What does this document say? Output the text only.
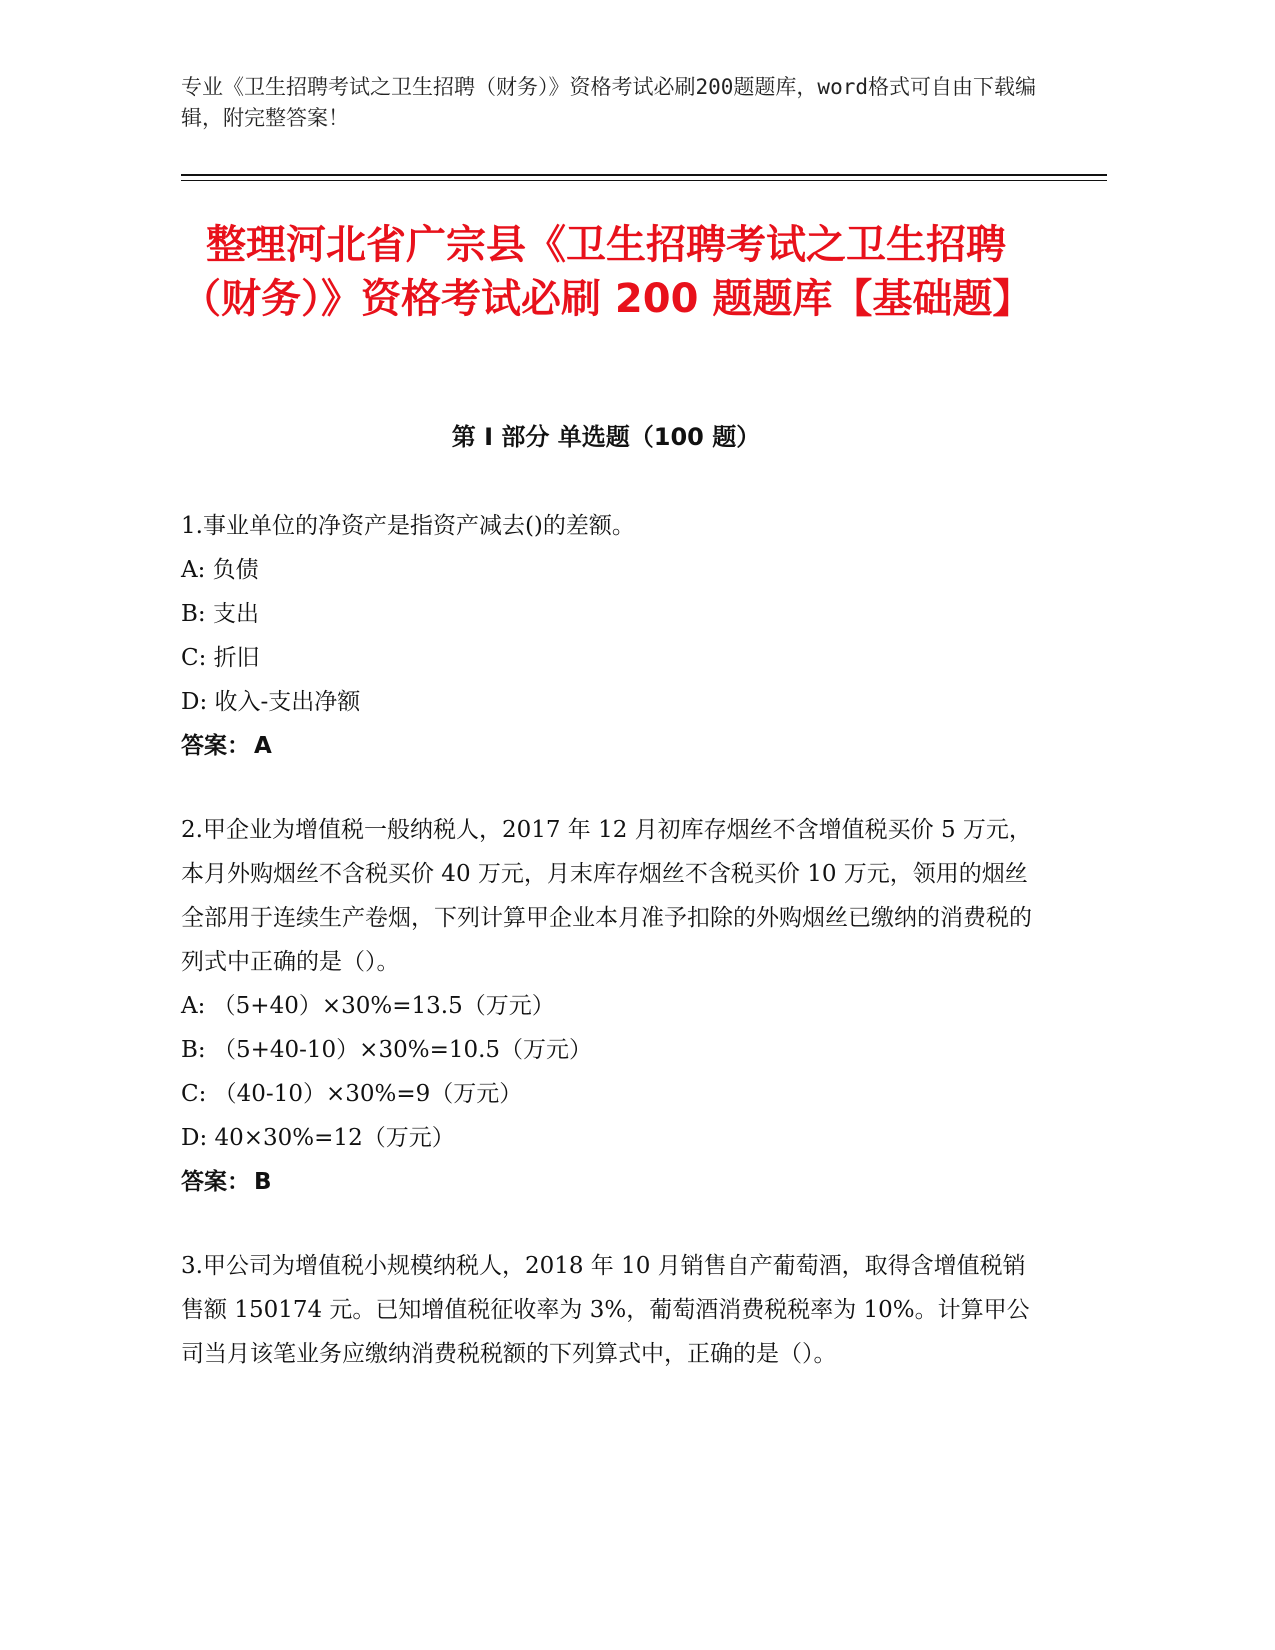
专业《卫生招聘考试之卫生招聘（财务）》资格考试必刷200题题库，word格式可自由下载编辑，附完整答案！
整理河北省广宗县《卫生招聘考试之卫生招聘（财务）》资格考试必刷 200 题题库【基础题】
第 I 部分 单选题（100 题）

1.事业单位的净资产是指资产减去()的差额。

A: 负债

B: 支出

C: 折旧

D: 收入-支出净额

答案： A

2.甲企业为增值税一般纳税人，2017 年 12 月初库存烟丝不含增值税买价 5 万元，本月外购烟丝不含税买价 40 万元，月末库存烟丝不含税买价 10 万元，领用的烟丝全部用于连续生产卷烟，下列计算甲企业本月准予扣除的外购烟丝已缴纳的消费税的列式中正确的是（）。

A: （5+40）×30%=13.5（万元）

B: （5+40-10）×30%=10.5（万元）

C: （40-10）×30%=9（万元）

D: 40×30%=12（万元）

答案： B

3.甲公司为增值税小规模纳税人，2018 年 10 月销售自产葡萄酒，取得含增值税销售额 150174 元。已知增值税征收率为 3%，葡萄酒消费税税率为 10%。计算甲公司当月该笔业务应缴纳消费税税额的下列算式中，正确的是（）。
